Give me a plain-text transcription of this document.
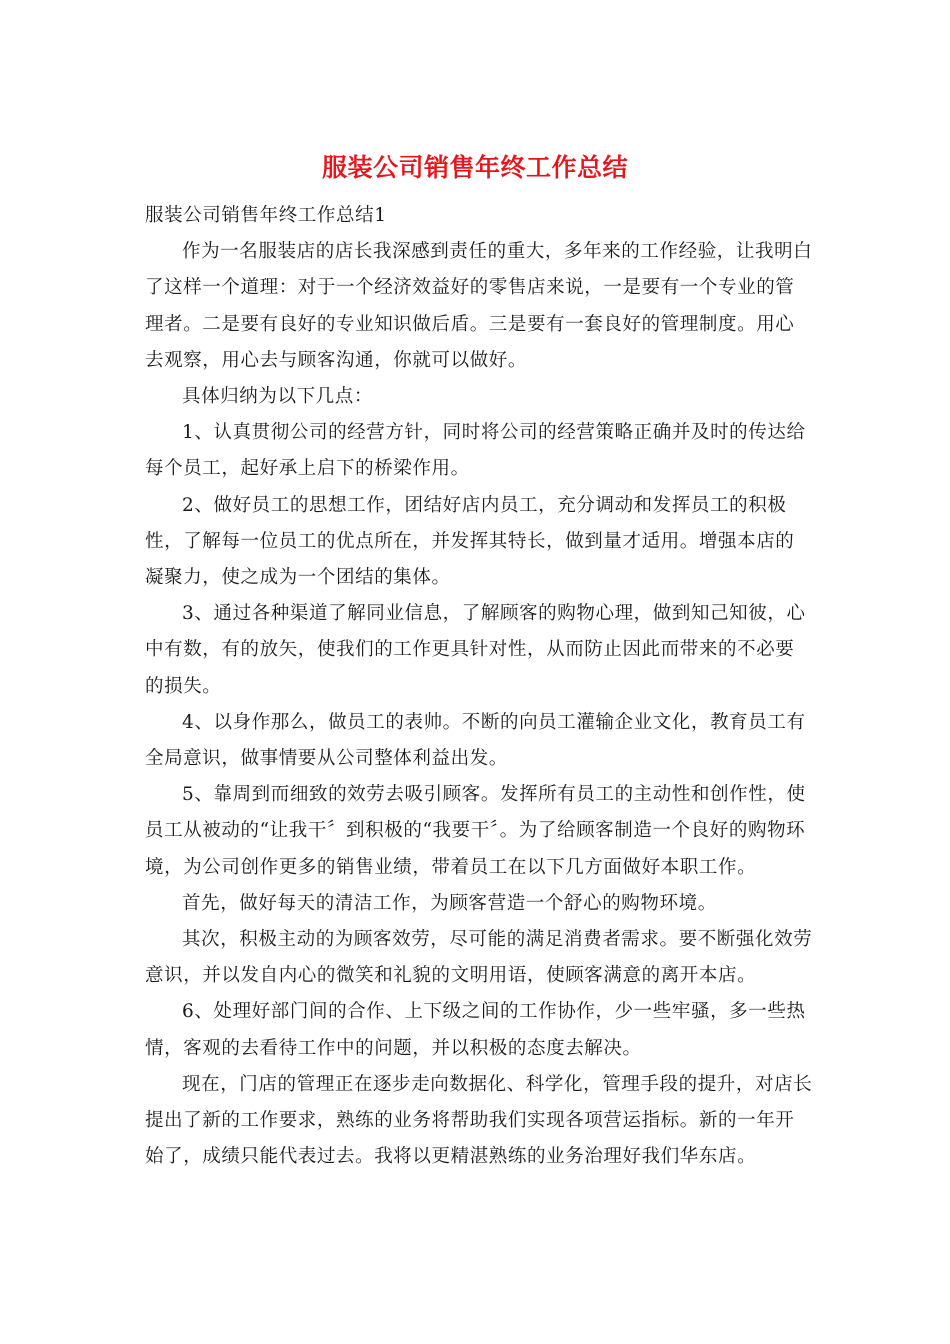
服装公司销售年终工作总结

服装公司销售年终工作总结1

作为一名服装店的店长我深感到责任的重大，多年来的工作经验，让我明白了这样一个道理：对于一个经济效益好的零售店来说，一是要有一个专业的管理者。二是要有良好的专业知识做后盾。三是要有一套良好的管理制度。用心去观察，用心去与顾客沟通，你就可以做好。

具体归纳为以下几点：

1、认真贯彻公司的经营方针，同时将公司的经营策略正确并及时的传达给每个员工，起好承上启下的桥梁作用。

2、做好员工的思想工作，团结好店内员工，充分调动和发挥员工的积极性，了解每一位员工的优点所在，并发挥其特长，做到量才适用。增强本店的凝聚力，使之成为一个团结的集体。

3、通过各种渠道了解同业信息，了解顾客的购物心理，做到知己知彼，心中有数，有的放矢，使我们的工作更具针对性，从而防止因此而带来的不必要的损失。

4、以身作那么，做员工的表帅。不断的向员工灌输企业文化，教育员工有全局意识，做事情要从公司整体利益出发。

5、靠周到而细致的效劳去吸引顾客。发挥所有员工的主动性和创作性，使员工从被动的“让我干〞到积极的“我要干〞。为了给顾客制造一个良好的购物环境，为公司创作更多的销售业绩，带着员工在以下几方面做好本职工作。

首先，做好每天的清洁工作，为顾客营造一个舒心的购物环境。

其次，积极主动的为顾客效劳，尽可能的满足消费者需求。要不断强化效劳意识，并以发自内心的微笑和礼貌的文明用语，使顾客满意的离开本店。

6、处理好部门间的合作、上下级之间的工作协作，少一些牢骚，多一些热情，客观的去看待工作中的问题，并以积极的态度去解决。

现在，门店的管理正在逐步走向数据化、科学化，管理手段的提升，对店长提出了新的工作要求，熟练的业务将帮助我们实现各项营运指标。新的一年开始了，成绩只能代表过去。我将以更精湛熟练的业务治理好我们华东店。
